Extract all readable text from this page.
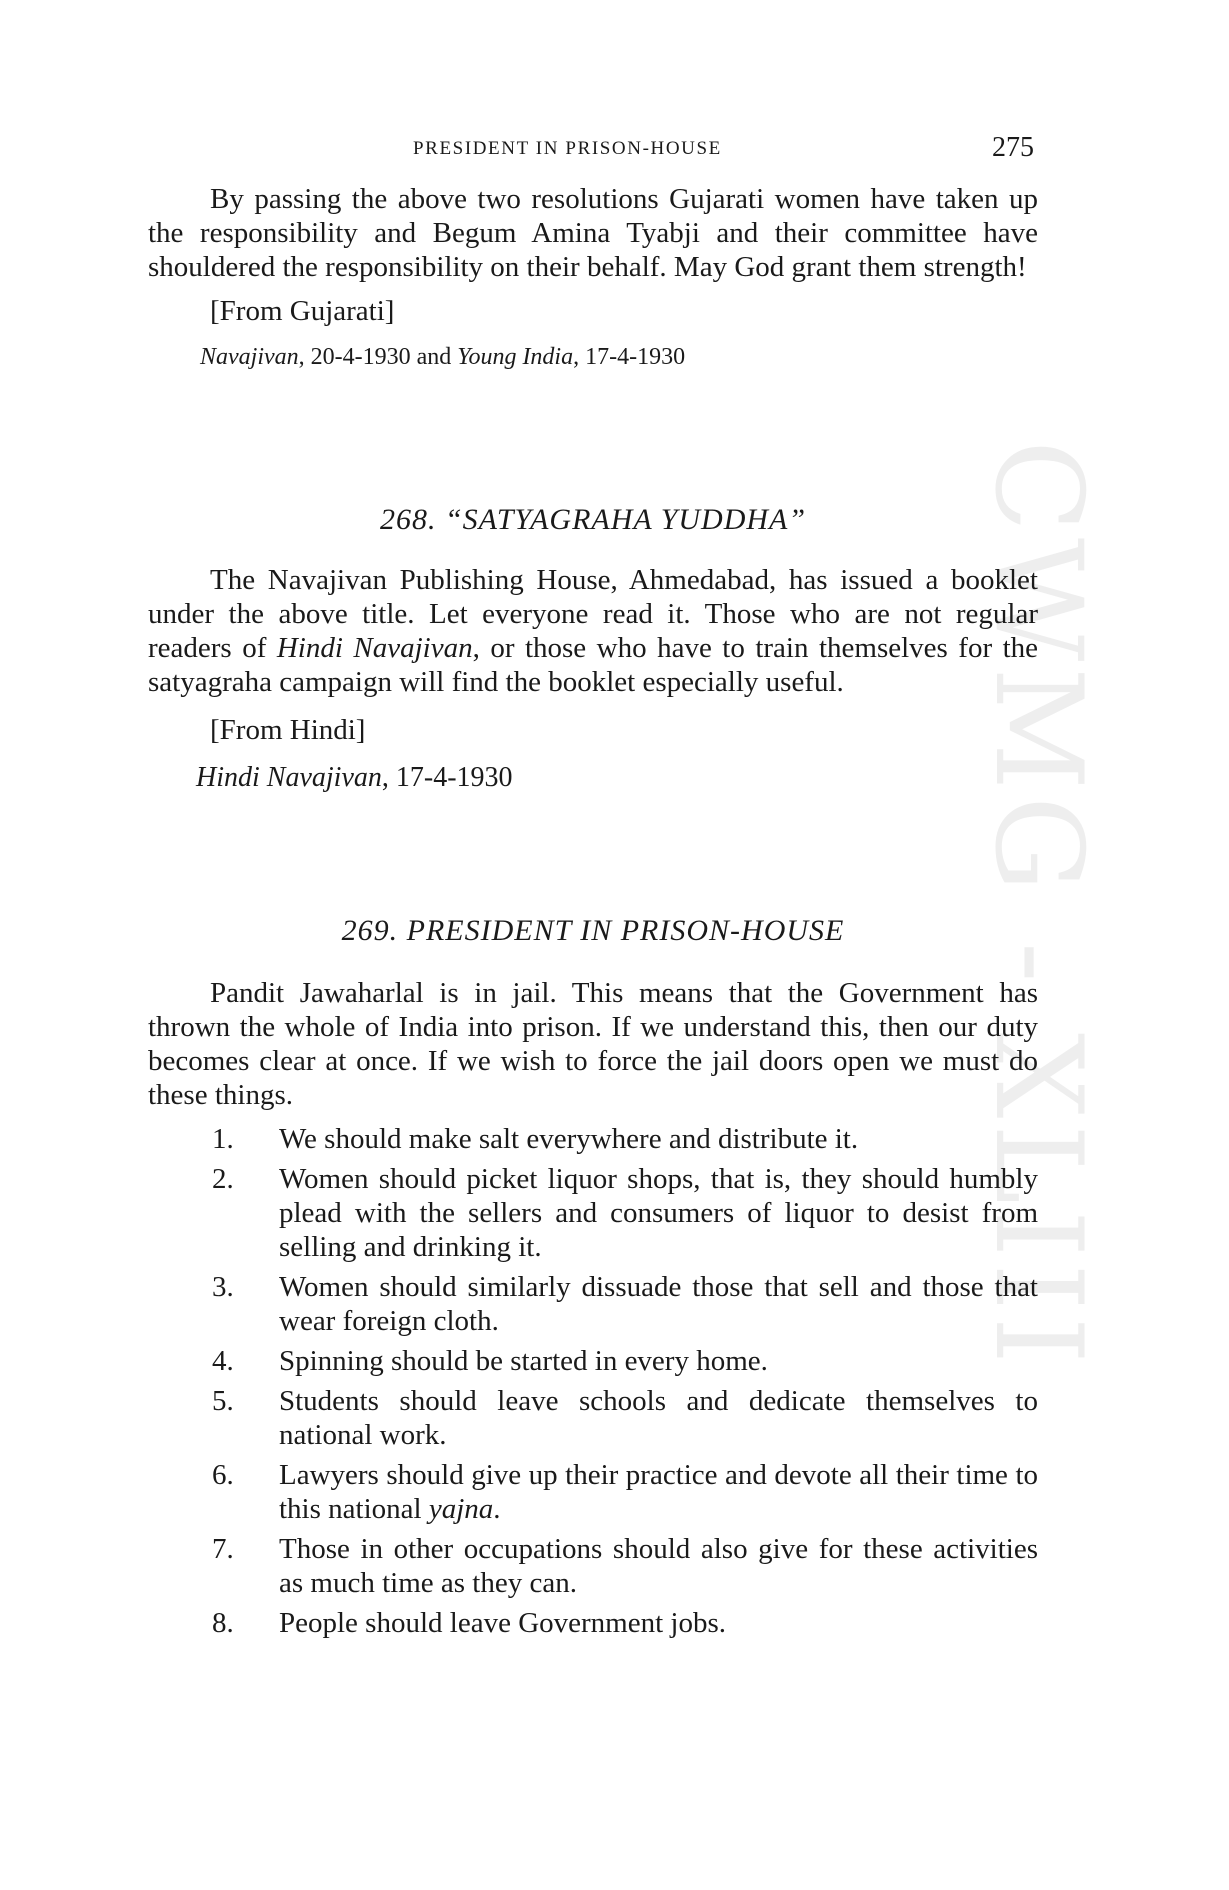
CWMG - XLIII
PRESIDENT IN PRISON-HOUSE	275

By passing the above two resolutions Gujarati women have taken up the responsibility and Begum Amina Tyabji and their committee have shouldered the responsibility on their behalf. May God grant them strength!

[From Gujarati]

Navajivan, 20-4-1930 and Young India, 17-4-1930
268. “SATYAGRAHA YUDDHA”

The Navajivan Publishing House, Ahmedabad, has issued a booklet under the above title. Let everyone read it. Those who are not regular readers of Hindi Navajivan, or those who have to train themselves for the satyagraha campaign will find the booklet especially useful.

[From Hindi]

Hindi Navajivan, 17-4-1930
269. PRESIDENT IN PRISON-HOUSE

Pandit Jawaharlal is in jail. This means that the Government has thrown the whole of India into prison. If we understand this, then our duty becomes clear at once. If we wish to force the jail doors open we must do these things.

1. We should make salt everywhere and distribute it.
2. Women should picket liquor shops, that is, they should humbly plead with the sellers and consumers of liquor to desist from selling and drinking it.
3. Women should similarly dissuade those that sell and those that wear foreign cloth.
4. Spinning should be started in every home.
5. Students should leave schools and dedicate themselves to national work.
6. Lawyers should give up their practice and devote all their time to this national yajna.
7. Those in other occupations should also give for these activities as much time as they can.
8. People should leave Government jobs.
